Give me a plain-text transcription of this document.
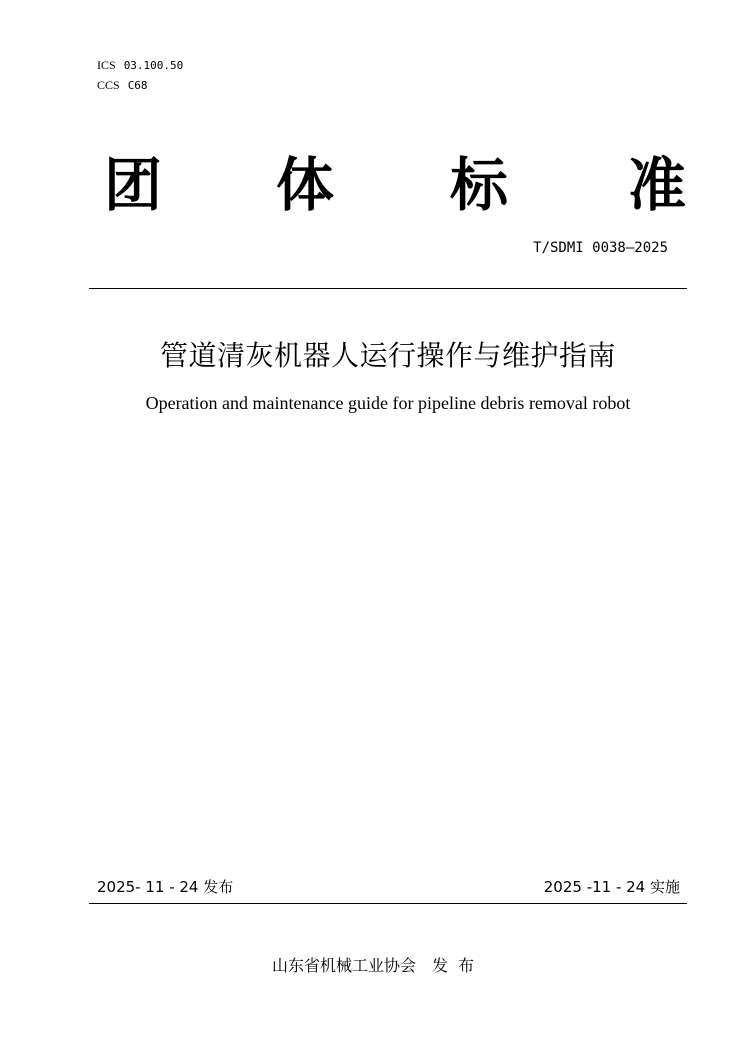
ICS 03.100.50
CCS C68
团 体 标 准
T/SDMI 0038—2025
管道清灰机器人运行操作与维护指南
Operation and maintenance guide for pipeline debris removal robot
2025- 11 - 24 发布	2025 -11 - 24 实施
山东省机械工业协会 发布
